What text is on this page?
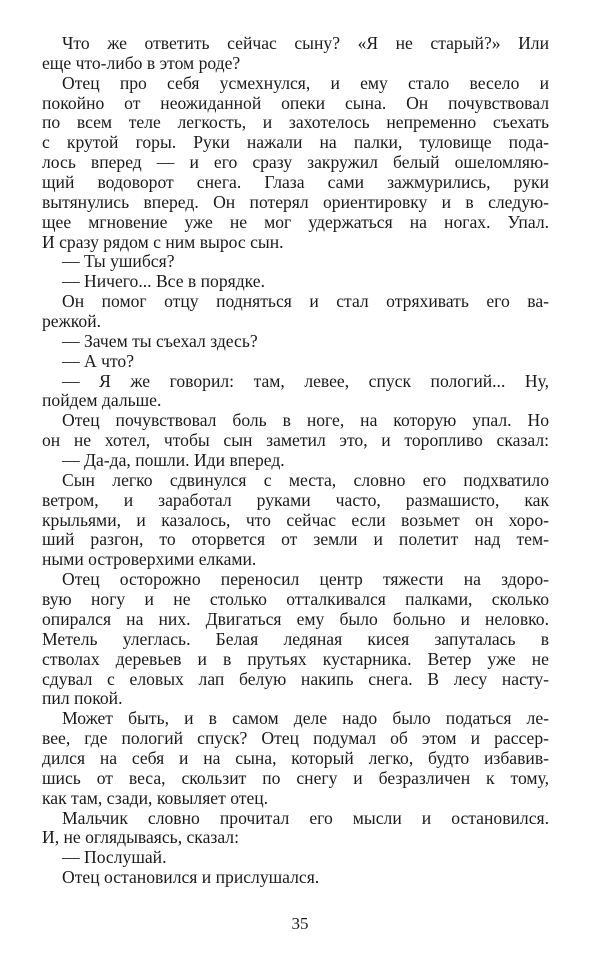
Что же ответить сейчас сыну? «Я не старый?» Или
еще что-либо в этом роде?
Отец про себя усмехнулся, и ему стало весело и
покойно от неожиданной опеки сына. Он почувствовал
по всем теле легкость, и захотелось непременно съехать
с крутой горы. Руки нажали на палки, туловище пода-
лось вперед — и его сразу закружил белый ошеломляю-
щий водоворот снега. Глаза сами зажмурились, руки
вытянулись вперед. Он потерял ориентировку и в следую-
щее мгновение уже не мог удержаться на ногах. Упал.
И сразу рядом с ним вырос сын.
— Ты ушибся?
— Ничего... Все в порядке.
Он помог отцу подняться и стал отряхивать его ва-
режкой.
— Зачем ты съехал здесь?
— А что?
— Я же говорил: там, левее, спуск пологий... Ну,
пойдем дальше.
Отец почувствовал боль в ноге, на которую упал. Но
он не хотел, чтобы сын заметил это, и торопливо сказал:
— Да-да, пошли. Иди вперед.
Сын легко сдвинулся с места, словно его подхватило
ветром, и заработал руками часто, размашисто, как
крыльями, и казалось, что сейчас если возьмет он хоро-
ший разгон, то оторвется от земли и полетит над тем-
ными островерхими елками.
Отец осторожно переносил центр тяжести на здоро-
вую ногу и не столько отталкивался палками, сколько
опирался на них. Двигаться ему было больно и неловко.
Метель улеглась. Белая ледяная кисея запуталась в
стволах деревьев и в прутьях кустарника. Ветер уже не
сдувал с еловых лап белую накипь снега. В лесу насту-
пил покой.
Может быть, и в самом деле надо было податься ле-
вее, где пологий спуск? Отец подумал об этом и рассер-
дился на себя и на сына, который легко, будто избавив-
шись от веса, скользит по снегу и безразличен к тому,
как там, сзади, ковыляет отец.
Мальчик словно прочитал его мысли и остановился.
И, не оглядываясь, сказал:
— Послушай.
Отец остановился и прислушался.
35
